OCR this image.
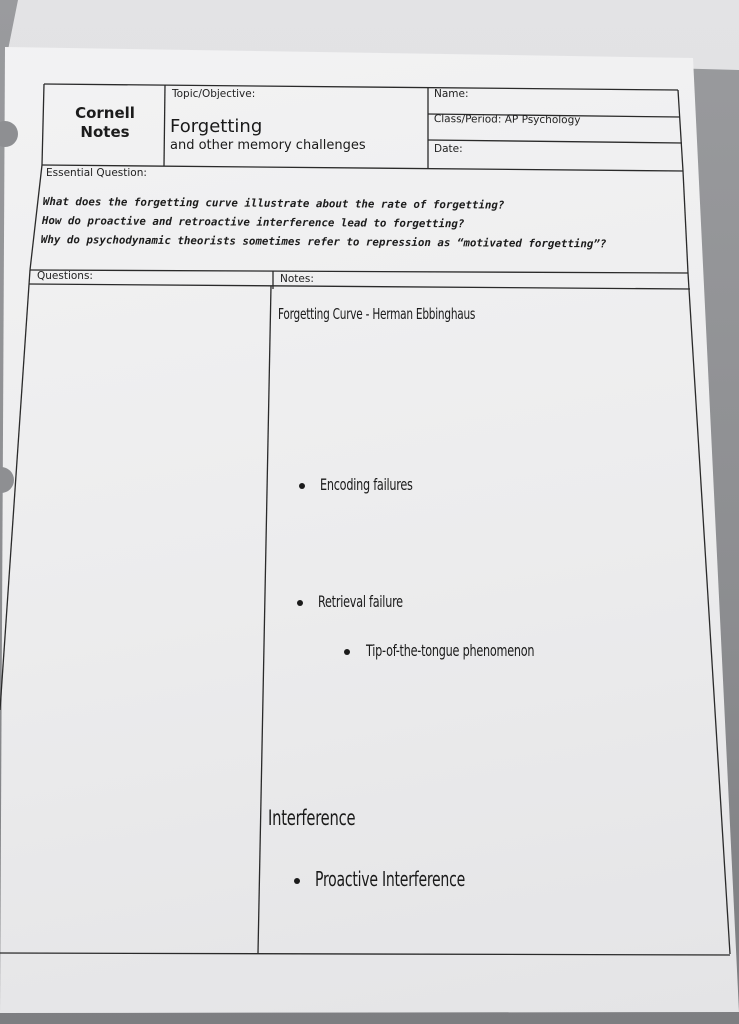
Cornell
Notes
Topic/Objective:
Forgetting
and other memory challenges
Name:
Class/Period: AP Psychology
Date:
Essential Question:
What does the forgetting curve illustrate about the rate of forgetting?
How do proactive and retroactive interference lead to forgetting?
Why do psychodynamic theorists sometimes refer to repression as “motivated forgetting”?
Questions:	Notes:
Forgetting Curve - Herman Ebbinghaus
Encoding failures
Retrieval failure
Tip-of-the-tongue phenomenon
Interference
Proactive Interference
